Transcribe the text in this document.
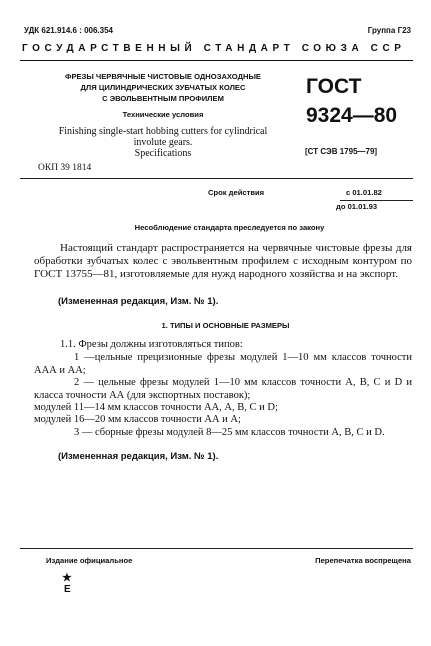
УДК 621.914.6 : 006.354	Группа Г23
ГОСУДАРСТВЕННЫЙ СТАНДАРТ СОЮЗА ССР
ФРЕЗЫ ЧЕРВЯЧНЫЕ ЧИСТОВЫЕ ОДНОЗАХОДНЫЕ
ДЛЯ ЦИЛИНДРИЧЕСКИХ ЗУБЧАТЫХ КОЛЕС
С ЭВОЛЬВЕНТНЫМ ПРОФИЛЕМ
Технические условия
Finishing single-start hobbing cutters for cylindrical
involute gears.
Specifications
ГОСТ
9324—80
[СТ СЭВ 1795—79]
ОКП 39 1814
Срок действия	с 01.01.82
до 01.01.93
Несоблюдение стандарта преследуется по закону
Настоящий стандарт распространяется на червячные чистовые фрезы для обработки зубчатых колес с эвольвентным профилем с исходным контуром по ГОСТ 13755—81, изготовляемые для нужд народного хозяйства и на экспорт.
(Измененная редакция, Изм. № 1).
1. ТИПЫ И ОСНОВНЫЕ РАЗМЕРЫ
1.1. Фрезы должны изготовляться типов:
1 —цельные прецизионные фрезы модулей 1—10 мм классов точности ААА и АА;
2 — цельные фрезы модулей 1—10 мм классов точности А, В, С и D и класса точности АА (для экспортных поставок);
модулей 11—14 мм классов точности АА, А, В, С и D;
модулей 16—20 мм классов точности АА и А;
3 — сборные фрезы модулей 8—25 мм классов точности А, В, С и D.
(Измененная редакция, Изм. № 1).
Издание официальное	Перепечатка воспрещена
★
Е
